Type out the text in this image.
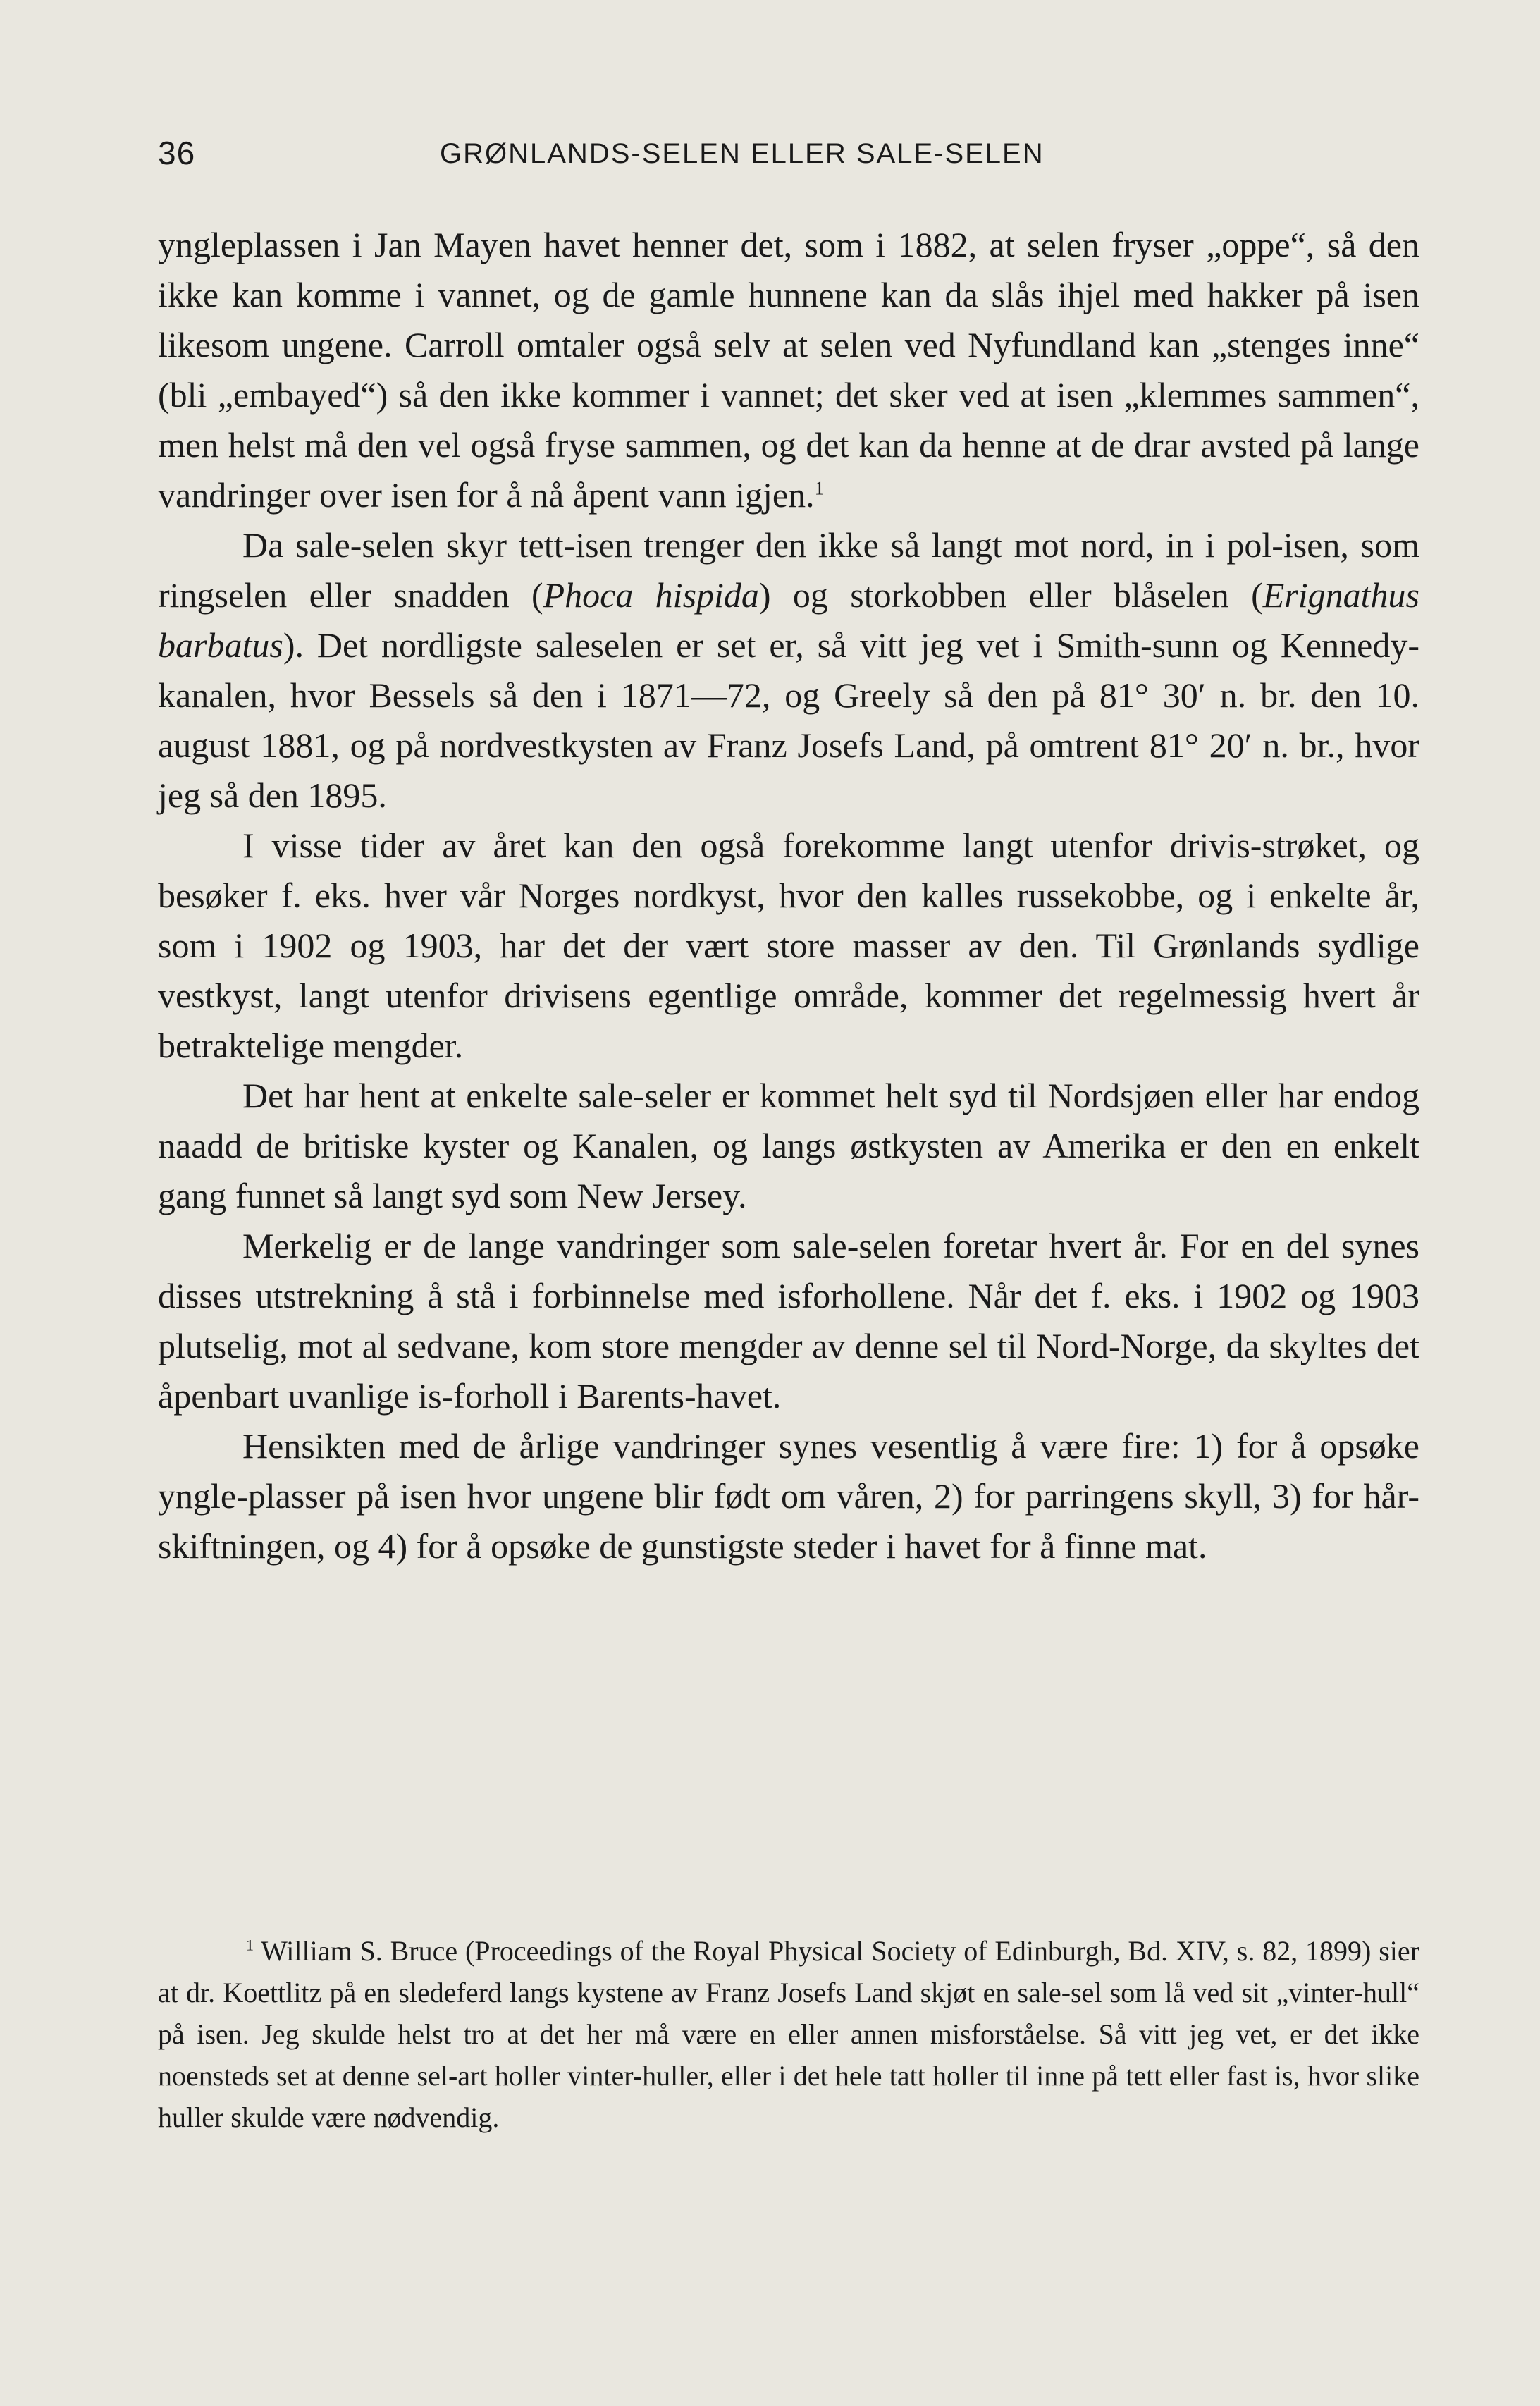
36	GRØNLANDS-SELEN ELLER SALE-SELEN

yngleplassen i Jan Mayen havet henner det, som i 1882, at selen fryser „oppe“, så den ikke kan komme i vannet, og de gamle hunnene kan da slås ihjel med hakker på isen likesom ungene. Carroll omtaler også selv at selen ved Nyfundland kan „stenges inne“ (bli „embayed“) så den ikke kommer i vannet; det sker ved at isen „klemmes sammen“, men helst må den vel også fryse sammen, og det kan da henne at de drar avsted på lange vandringer over isen for å nå åpent vann igjen.$^1$

Da sale-selen skyr tett-isen trenger den ikke så langt mot nord, in i pol-isen, som ringselen eller snadden (Phoca hispida) og storkobben eller blåselen (Erignathus barbatus). Det nordligste saleselen er set er, så vitt jeg vet i Smith-sunn og Kennedy-kanalen, hvor Bessels så den i 1871—72, og Greely så den på 81° 30′ n. br. den 10. august 1881, og på nordvestkysten av Franz Josefs Land, på omtrent 81° 20′ n. br., hvor jeg så den 1895.

I visse tider av året kan den også forekomme langt utenfor drivis-strøket, og besøker f. eks. hver vår Norges nordkyst, hvor den kalles russekobbe, og i enkelte år, som i 1902 og 1903, har det der vært store masser av den. Til Grønlands sydlige vestkyst, langt utenfor drivisens egentlige område, kommer det regelmessig hvert år betraktelige mengder.

Det har hent at enkelte sale-seler er kommet helt syd til Nordsjøen eller har endog naadd de britiske kyster og Kanalen, og langs østkysten av Amerika er den en enkelt gang funnet så langt syd som New Jersey.

Merkelig er de lange vandringer som sale-selen foretar hvert år. For en del synes disses utstrekning å stå i forbinnelse med isforhollene. Når det f. eks. i 1902 og 1903 plutselig, mot al sedvane, kom store mengder av denne sel til Nord-Norge, da skyltes det åpenbart uvanlige is-forholl i Barents-havet.

Hensikten med de årlige vandringer synes vesentlig å være fire: 1) for å opsøke yngle-plasser på isen hvor ungene blir født om våren, 2) for parringens skyll, 3) for hår-skiftningen, og 4) for å opsøke de gunstigste steder i havet for å finne mat.

$^1$ William S. Bruce (Proceedings of the Royal Physical Society of Edinburgh, Bd. XIV, s. 82, 1899) sier at dr. Koettlitz på en sledeferd langs kystene av Franz Josefs Land skjøt en sale-sel som lå ved sit „vinter-hull“ på isen. Jeg skulde helst tro at det her må være en eller annen misforståelse. Så vitt jeg vet, er det ikke noensteds set at denne sel-art holler vinter-huller, eller i det hele tatt holler til inne på tett eller fast is, hvor slike huller skulde være nødvendig.
